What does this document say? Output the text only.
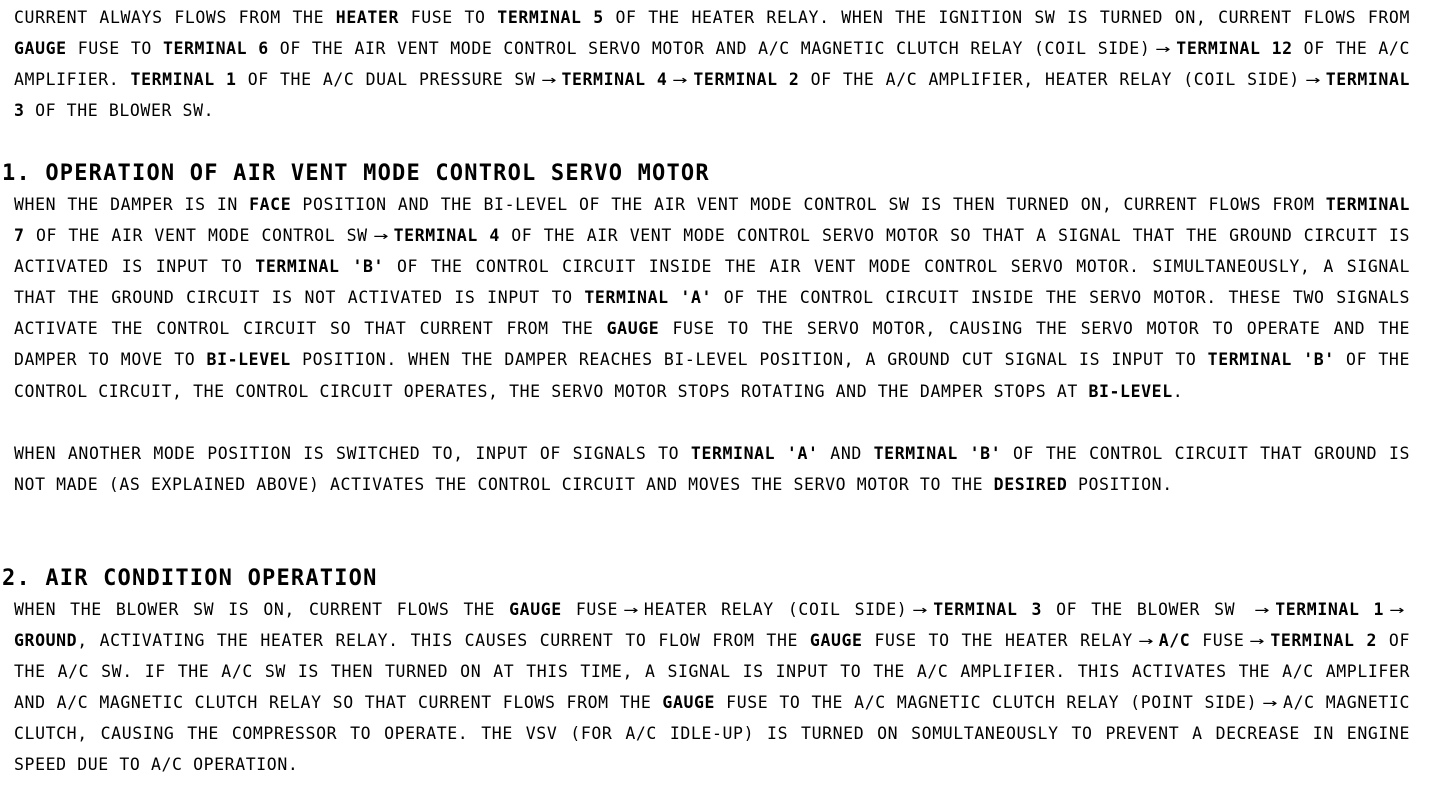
CURRENT ALWAYS FLOWS FROM THE HEATER FUSE TO TERMINAL 5 OF THE HEATER RELAY. WHEN THE IGNITION SW IS TURNED ON, CURRENT FLOWS FROM GAUGE FUSE TO TERMINAL 6 OF THE AIR VENT MODE CONTROL SERVO MOTOR AND A/C MAGNETIC CLUTCH RELAY (COIL SIDE) → TERMINAL 12 OF THE A/C AMPLIFIER. TERMINAL 1 OF THE A/C DUAL PRESSURE SW → TERMINAL 4 → TERMINAL 2 OF THE A/C AMPLIFIER, HEATER RELAY (COIL SIDE) → TERMINAL 3 OF THE BLOWER SW.

1. OPERATION OF AIR VENT MODE CONTROL SERVO MOTOR

WHEN THE DAMPER IS IN FACE POSITION AND THE BI-LEVEL OF THE AIR VENT MODE CONTROL SW IS THEN TURNED ON, CURRENT FLOWS FROM TERMINAL 7 OF THE AIR VENT MODE CONTROL SW → TERMINAL 4 OF THE AIR VENT MODE CONTROL SERVO MOTOR SO THAT A SIGNAL THAT THE GROUND CIRCUIT IS ACTIVATED IS INPUT TO TERMINAL 'B' OF THE CONTROL CIRCUIT INSIDE THE AIR VENT MODE CONTROL SERVO MOTOR. SIMULTANEOUSLY, A SIGNAL THAT THE GROUND CIRCUIT IS NOT ACTIVATED IS INPUT TO TERMINAL 'A' OF THE CONTROL CIRCUIT INSIDE THE SERVO MOTOR. THESE TWO SIGNALS ACTIVATE THE CONTROL CIRCUIT SO THAT CURRENT FROM THE GAUGE FUSE TO THE SERVO MOTOR, CAUSING THE SERVO MOTOR TO OPERATE AND THE DAMPER TO MOVE TO BI-LEVEL POSITION. WHEN THE DAMPER REACHES BI-LEVEL POSITION, A GROUND CUT SIGNAL IS INPUT TO TERMINAL 'B' OF THE CONTROL CIRCUIT, THE CONTROL CIRCUIT OPERATES, THE SERVO MOTOR STOPS ROTATING AND THE DAMPER STOPS AT BI-LEVEL.

WHEN ANOTHER MODE POSITION IS SWITCHED TO, INPUT OF SIGNALS TO TERMINAL 'A' AND TERMINAL 'B' OF THE CONTROL CIRCUIT THAT GROUND IS NOT MADE (AS EXPLAINED ABOVE) ACTIVATES THE CONTROL CIRCUIT AND MOVES THE SERVO MOTOR TO THE DESIRED POSITION.

2. AIR CONDITION OPERATION

WHEN THE BLOWER SW IS ON, CURRENT FLOWS THE GAUGE FUSE → HEATER RELAY (COIL SIDE) → TERMINAL 3 OF THE BLOWER SW → TERMINAL 1 →GROUND, ACTIVATING THE HEATER RELAY. THIS CAUSES CURRENT TO FLOW FROM THE GAUGE FUSE TO THE HEATER RELAY → A/C FUSE → TERMINAL 2 OF THE A/C SW. IF THE A/C SW IS THEN TURNED ON AT THIS TIME, A SIGNAL IS INPUT TO THE A/C AMPLIFIER. THIS ACTIVATES THE A/C AMPLIFER AND A/C MAGNETIC CLUTCH RELAY SO THAT CURRENT FLOWS FROM THE GAUGE FUSE TO THE A/C MAGNETIC CLUTCH RELAY (POINT SIDE) → A/C MAGNETIC CLUTCH, CAUSING THE COMPRESSOR TO OPERATE. THE VSV (FOR A/C IDLE-UP) IS TURNED ON SOMULTANEOUSLY TO PREVENT A DECREASE IN ENGINE SPEED DUE TO A/C OPERATION.
